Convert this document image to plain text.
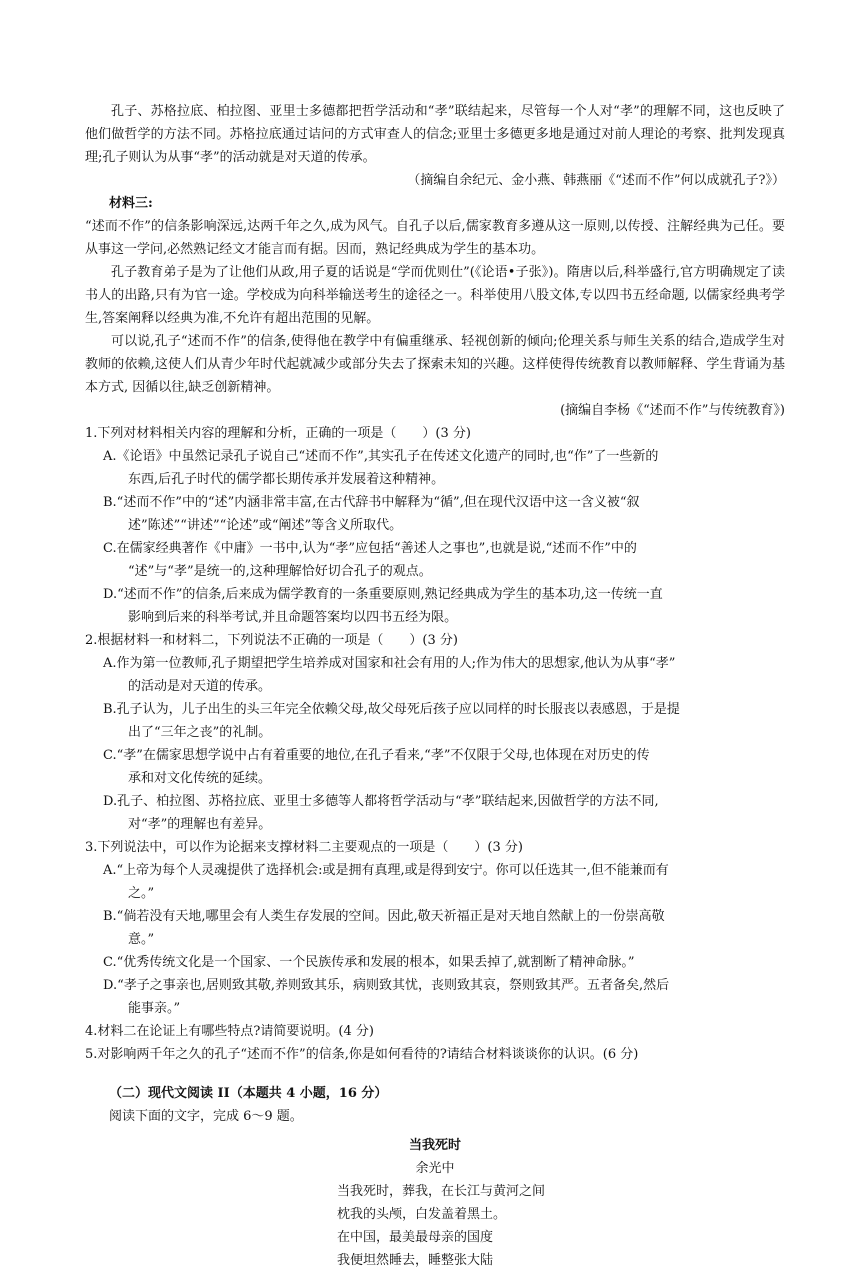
孔子、苏格拉底、柏拉图、亚里士多德都把哲学活动和“孝”联结起来，尽管每一个人对“孝”的理解不同，这也反映了他们做哲学的方法不同。苏格拉底通过诘问的方式审查人的信念;亚里士多德更多地是通过对前人理论的考察、批判发现真理;孔子则认为从事“孝”的活动就是对天道的传承。

（摘编自余纪元、金小燕、韩燕丽《“述而不作”何以成就孔子?》）

材料三:

“述而不作”的信条影响深远,达两千年之久,成为风气。自孔子以后,儒家教育多遵从这一原则,以传授、注解经典为己任。要从事这一学问,必然熟记经文才能言而有据。因而，熟记经典成为学生的基本功。

孔子教育弟子是为了让他们从政,用子夏的话说是“学而优则仕”(《论语•子张》)。隋唐以后,科举盛行,官方明确规定了读书人的出路,只有为官一途。学校成为向科举输送考生的途径之一。科举使用八股文体,专以四书五经命题, 以儒家经典考学生,答案阐释以经典为准,不允许有超出范围的见解。

可以说,孔子“述而不作”的信条,使得他在教学中有偏重继承、轻视创新的倾向;伦理关系与师生关系的结合,造成学生对教师的依赖,这使人们从青少年时代起就减少或部分失去了探索未知的兴趣。这样使得传统教育以教师解释、学生背诵为基本方式, 因循以往,缺乏创新精神。

(摘编自李杨《“述而不作”与传统教育》)

1.下列对材料相关内容的理解和分析，正确的一项是（　　）(3 分)

A.《论语》中虽然记录孔子说自己“述而不作”,其实孔子在传述文化遗产的同时,也“作”了一些新的
东西,后孔子时代的儒学都长期传承并发展着这种精神。

B.“述而不作”中的“述”内涵非常丰富,在古代辞书中解释为“循”,但在现代汉语中这一含义被“叙
述”陈述”“讲述”“论述”或“阐述”等含义所取代。

C.在儒家经典著作《中庸》一书中,认为“孝”应包括“善述人之事也”,也就是说,“述而不作”中的
“述”与“孝”是统一的,这种理解恰好切合孔子的观点。

D.“述而不作”的信条,后来成为儒学教育的一条重要原则,熟记经典成为学生的基本功,这一传统一直
影响到后来的科举考试,并且命题答案均以四书五经为限。

2.根据材料一和材料二，下列说法不正确的一项是（　　）(3 分)

A.作为第一位教师,孔子期望把学生培养成对国家和社会有用的人;作为伟大的思想家,他认为从事“孝”
的活动是对天道的传承。

B.孔子认为，儿子出生的头三年完全依赖父母,故父母死后孩子应以同样的时长服丧以表感恩，于是提
出了“三年之丧”的礼制。

C.“孝”在儒家思想学说中占有着重要的地位,在孔子看来,“孝”不仅限于父母,也体现在对历史的传
承和对文化传统的延续。

D.孔子、柏拉图、苏格拉底、亚里士多德等人都将哲学活动与“孝”联结起来,因做哲学的方法不同,
对“孝”的理解也有差异。

3.下列说法中，可以作为论据来支撑材料二主要观点的一项是（　　）(3 分)

A.“上帝为每个人灵魂提供了选择机会:或是拥有真理,或是得到安宁。你可以任选其一,但不能兼而有
之。”

B.“倘若没有天地,哪里会有人类生存发展的空间。因此,敬天祈福正是对天地自然献上的一份崇高敬
意。”

C.“优秀传统文化是一个国家、一个民族传承和发展的根本，如果丢掉了,就割断了精神命脉。”

D.“孝子之事亲也,居则致其敬,养则致其乐，病则致其忧，丧则致其哀，祭则致其严。五者备矣,然后
能事亲。”

4.材料二在论证上有哪些特点?请简要说明。(4 分)

5.对影响两千年之久的孔子“述而不作”的信条,你是如何看待的?请结合材料谈谈你的认识。(6 分)

（二）现代文阅读 II（本题共 4 小题，16 分）

阅读下面的文字，完成 6～9 题。

当我死时

余光中

当我死时，葬我，在长江与黄河之间

枕我的头颅，白发盖着黑土。

在中国，最美最母亲的国度

我便坦然睡去，睡整张大陆
